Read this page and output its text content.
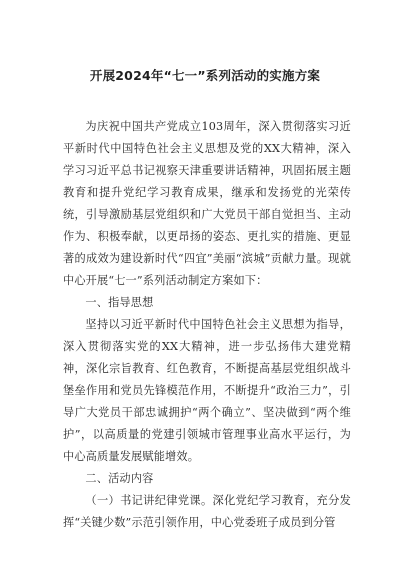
开展2024年“七一”系列活动的实施方案

为庆祝中国共产党成立103周年，深入贯彻落实习近平新时代中国特色社会主义思想及党的XX大精神，深入学习习近平总书记视察天津重要讲话精神，巩固拓展主题教育和提升党纪学习教育成果，继承和发扬党的光荣传统，引导激励基层党组织和广大党员干部自觉担当、主动作为、积极奉献，以更昂扬的姿态、更扎实的措施、更显著的成效为建设新时代“四宜”美丽“滨城”贡献力量。现就中心开展“七一”系列活动制定方案如下：

一、指导思想

坚持以习近平新时代中国特色社会主义思想为指导，深入贯彻落实党的XX大精神，进一步弘扬伟大建党精神，深化宗旨教育、红色教育，不断提高基层党组织战斗堡垒作用和党员先锋模范作用，不断提升“政治三力”，引导广大党员干部忠诚拥护“两个确立”、坚决做到“两个维护”，以高质量的党建引领城市管理事业高水平运行，为中心高质量发展赋能增效。

二、活动内容

（一）书记讲纪律党课。深化党纪学习教育，充分发挥“关键少数”示范引领作用，中心党委班子成员到分管
